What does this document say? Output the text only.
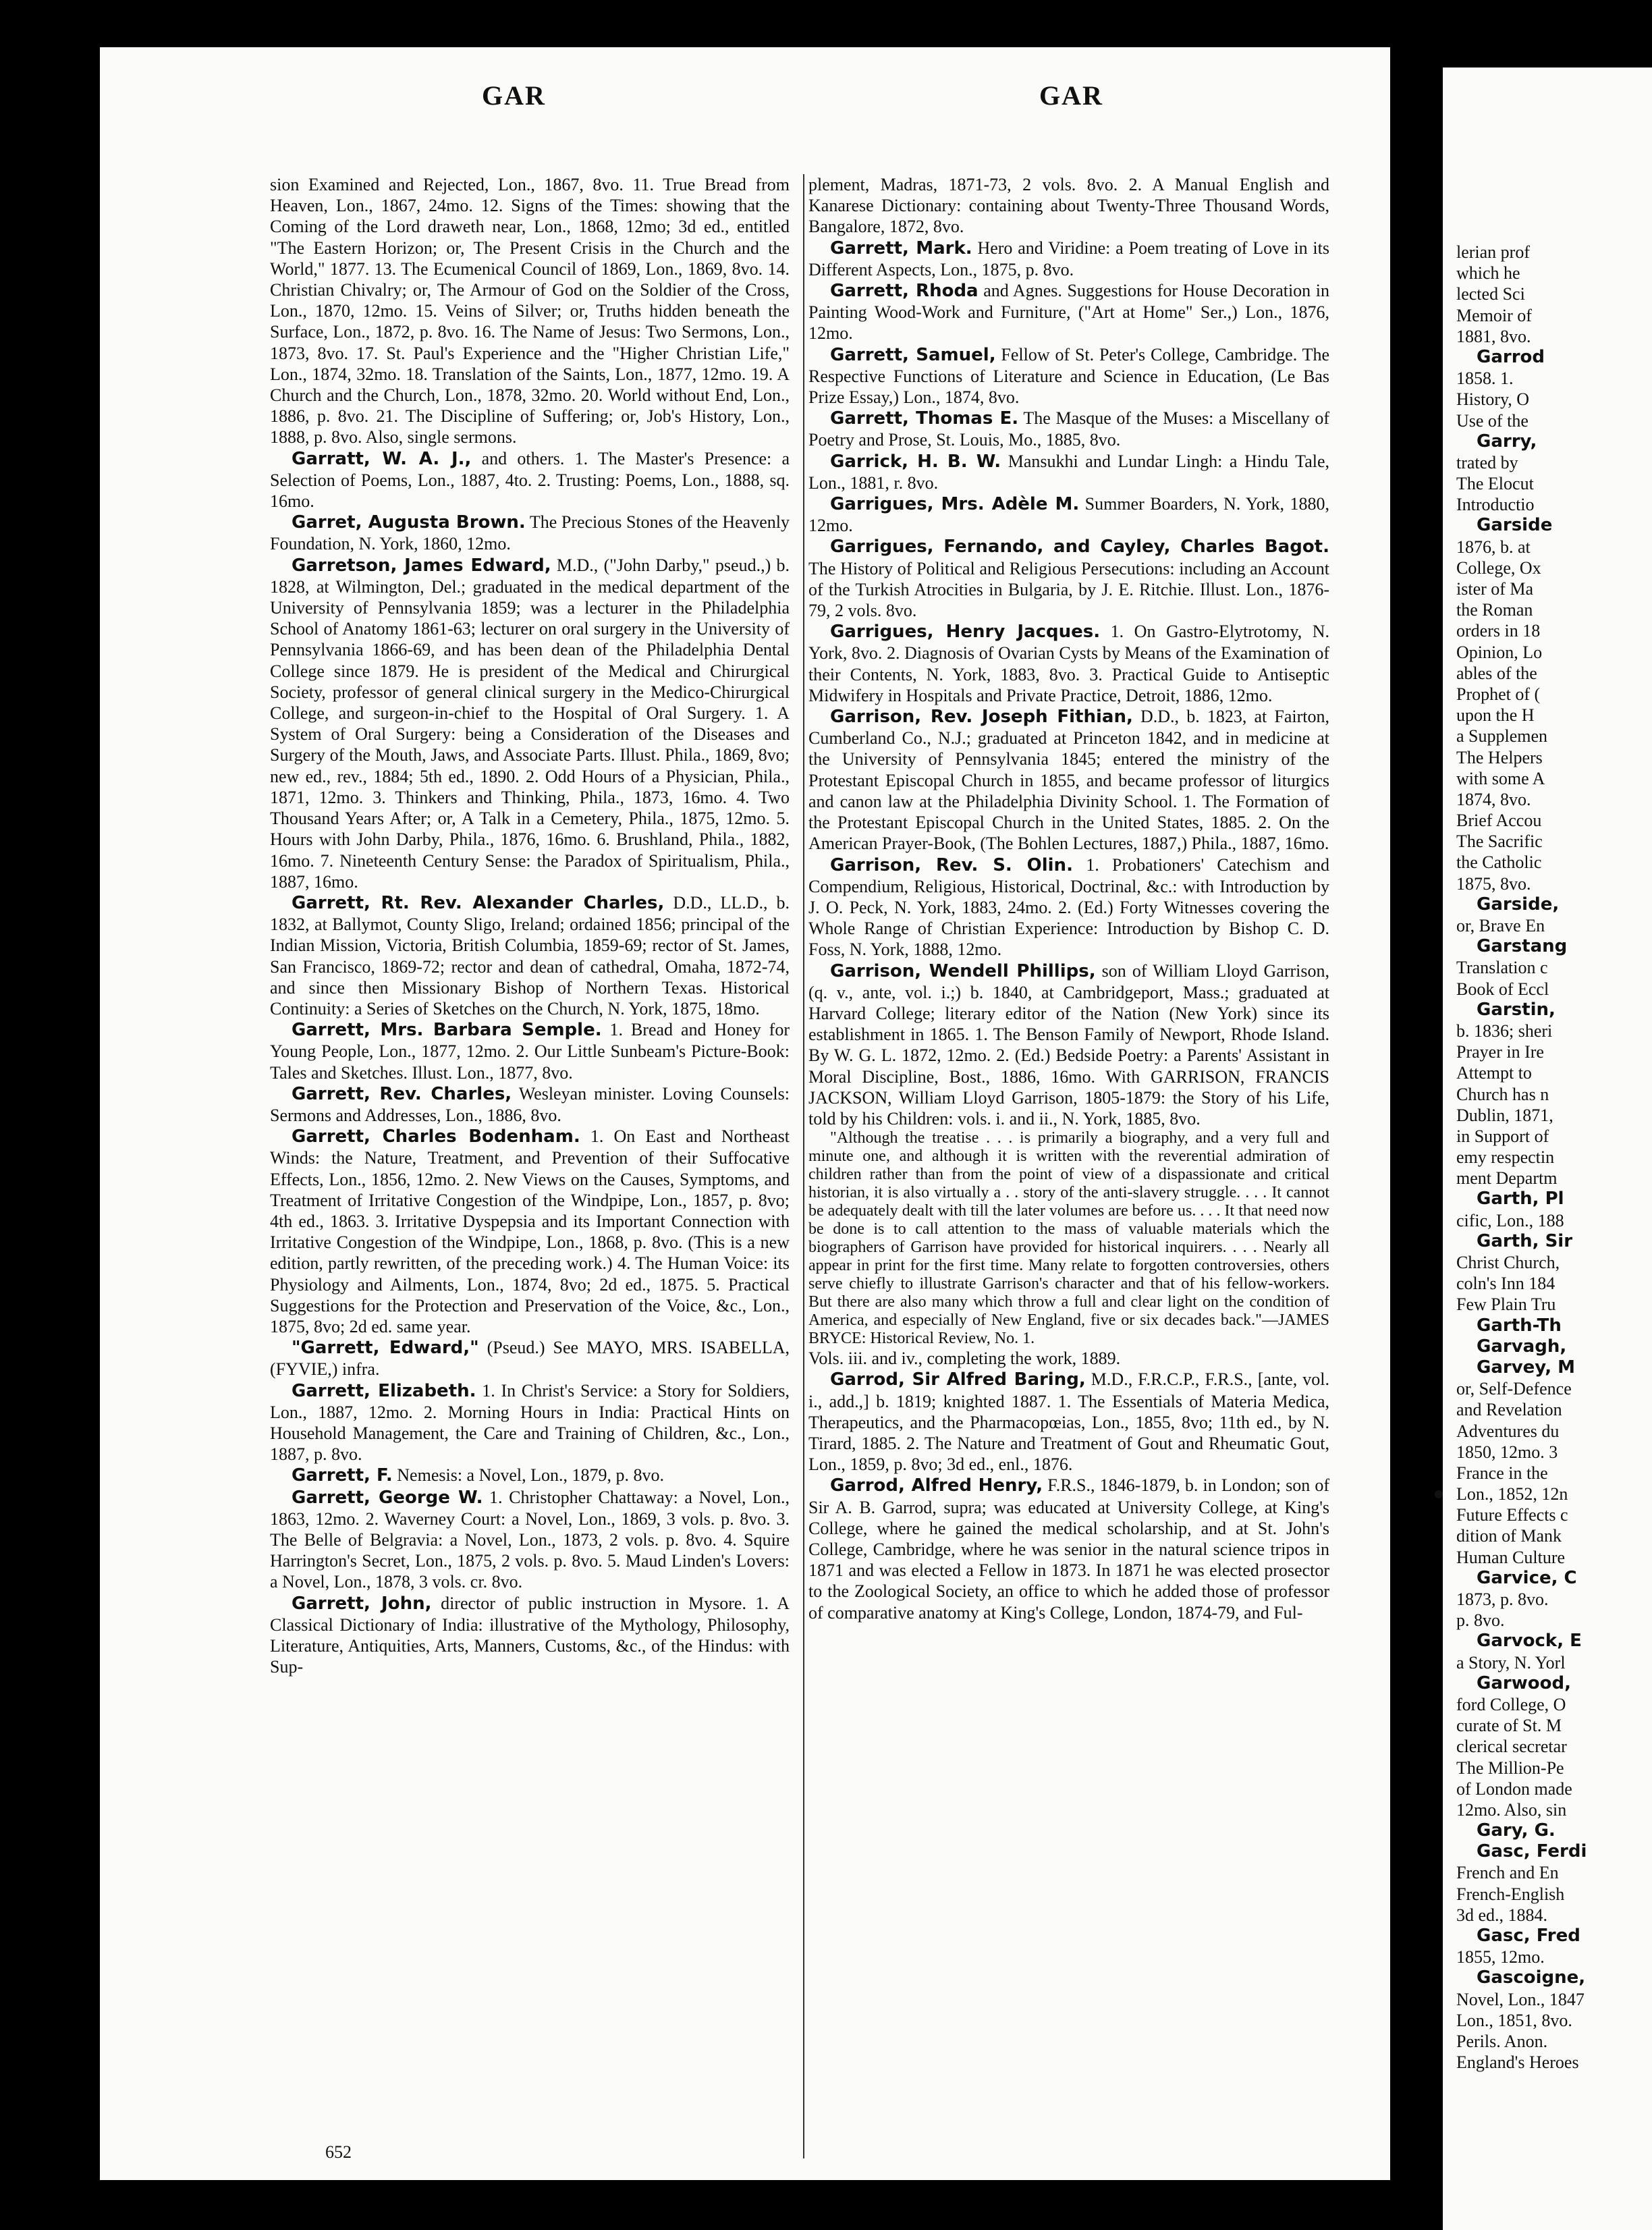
lerian prof
which he
lected Sci
Memoir of
1881, 8vo.
Garrod
1858. 1.
History, O
Use of the
Garry,
trated by
The Elocut
Introductio
Garside
1876, b. at
College, Ox
ister of Ma
the Roman
orders in 18
Opinion, Lo
ables of the
Prophet of (
upon the H
a Supplemen
The Helpers
with some A
1874, 8vo.
Brief Accou
The Sacrific
the Catholic
1875, 8vo.
Garside,
or, Brave En
Garstang
Translation c
Book of Eccl
Garstin,
b. 1836; sheri
Prayer in Ire
Attempt to
Church has n
Dublin, 1871,
in Support of
emy respectin
ment Departm
Garth, Pl
cific, Lon., 188
Garth, Sir
Christ Church,
coln's Inn 184
Few Plain Tru
Garth-Th
Garvagh,
Garvey, M
or, Self-Defence
and Revelation
Adventures du
1850, 12mo. 3
France in the
Lon., 1852, 12n
Future Effects c
dition of Mank
Human Culture
Garvice, C
1873, p. 8vo.
p. 8vo.
Garvock, E
a Story, N. Yorl
Garwood,
ford College, O
curate of St. M
clerical secretar
The Million-Pe
of London made
12mo. Also, sin
Gary, G.
Gasc, Ferdi
French and En
French-English
3d ed., 1884.
Gasc, Fred
1855, 12mo.
Gascoigne,
Novel, Lon., 1847
Lon., 1851, 8vo.
Perils. Anon.
England's Heroes
GAR	GAR

sion Examined and Rejected, Lon., 1867, 8vo. 11. True Bread from Heaven, Lon., 1867, 24mo. 12. Signs of the Times: showing that the Coming of the Lord draweth near, Lon., 1868, 12mo; 3d ed., entitled "The Eastern Horizon; or, The Present Crisis in the Church and the World," 1877. 13. The Ecumenical Council of 1869, Lon., 1869, 8vo. 14. Christian Chivalry; or, The Armour of God on the Soldier of the Cross, Lon., 1870, 12mo. 15. Veins of Silver; or, Truths hidden beneath the Surface, Lon., 1872, p. 8vo. 16. The Name of Jesus: Two Sermons, Lon., 1873, 8vo. 17. St. Paul's Experience and the "Higher Christian Life," Lon., 1874, 32mo. 18. Translation of the Saints, Lon., 1877, 12mo. 19. A Church and the Church, Lon., 1878, 32mo. 20. World without End, Lon., 1886, p. 8vo. 21. The Discipline of Suffering; or, Job's History, Lon., 1888, p. 8vo. Also, single sermons.

Garratt, W. A. J., and others. 1. The Master's Presence: a Selection of Poems, Lon., 1887, 4to. 2. Trusting: Poems, Lon., 1888, sq. 16mo.

Garret, Augusta Brown. The Precious Stones of the Heavenly Foundation, N. York, 1860, 12mo.

Garretson, James Edward, M.D., ("John Darby," pseud.,) b. 1828, at Wilmington, Del.; graduated in the medical department of the University of Pennsylvania 1859; was a lecturer in the Philadelphia School of Anatomy 1861-63; lecturer on oral surgery in the University of Pennsylvania 1866-69, and has been dean of the Philadelphia Dental College since 1879. He is president of the Medical and Chirurgical Society, professor of general clinical surgery in the Medico-Chirurgical College, and surgeon-in-chief to the Hospital of Oral Surgery. 1. A System of Oral Surgery: being a Consideration of the Diseases and Surgery of the Mouth, Jaws, and Associate Parts. Illust. Phila., 1869, 8vo; new ed., rev., 1884; 5th ed., 1890. 2. Odd Hours of a Physician, Phila., 1871, 12mo. 3. Thinkers and Thinking, Phila., 1873, 16mo. 4. Two Thousand Years After; or, A Talk in a Cemetery, Phila., 1875, 12mo. 5. Hours with John Darby, Phila., 1876, 16mo. 6. Brushland, Phila., 1882, 16mo. 7. Nineteenth Century Sense: the Paradox of Spiritualism, Phila., 1887, 16mo.

Garrett, Rt. Rev. Alexander Charles, D.D., LL.D., b. 1832, at Ballymot, County Sligo, Ireland; ordained 1856; principal of the Indian Mission, Victoria, British Columbia, 1859-69; rector of St. James, San Francisco, 1869-72; rector and dean of cathedral, Omaha, 1872-74, and since then Missionary Bishop of Northern Texas. Historical Continuity: a Series of Sketches on the Church, N. York, 1875, 18mo.

Garrett, Mrs. Barbara Semple. 1. Bread and Honey for Young People, Lon., 1877, 12mo. 2. Our Little Sunbeam's Picture-Book: Tales and Sketches. Illust. Lon., 1877, 8vo.

Garrett, Rev. Charles, Wesleyan minister. Loving Counsels: Sermons and Addresses, Lon., 1886, 8vo.

Garrett, Charles Bodenham. 1. On East and Northeast Winds: the Nature, Treatment, and Prevention of their Suffocative Effects, Lon., 1856, 12mo. 2. New Views on the Causes, Symptoms, and Treatment of Irritative Congestion of the Windpipe, Lon., 1857, p. 8vo; 4th ed., 1863. 3. Irritative Dyspepsia and its Important Connection with Irritative Congestion of the Windpipe, Lon., 1868, p. 8vo. (This is a new edition, partly rewritten, of the preceding work.) 4. The Human Voice: its Physiology and Ailments, Lon., 1874, 8vo; 2d ed., 1875. 5. Practical Suggestions for the Protection and Preservation of the Voice, &c., Lon., 1875, 8vo; 2d ed. same year.

"Garrett, Edward," (Pseud.) See MAYO, MRS. ISABELLA, (FYVIE,) infra.

Garrett, Elizabeth. 1. In Christ's Service: a Story for Soldiers, Lon., 1887, 12mo. 2. Morning Hours in India: Practical Hints on Household Management, the Care and Training of Children, &c., Lon., 1887, p. 8vo.

Garrett, F. Nemesis: a Novel, Lon., 1879, p. 8vo.

Garrett, George W. 1. Christopher Chattaway: a Novel, Lon., 1863, 12mo. 2. Waverney Court: a Novel, Lon., 1869, 3 vols. p. 8vo. 3. The Belle of Belgravia: a Novel, Lon., 1873, 2 vols. p. 8vo. 4. Squire Harrington's Secret, Lon., 1875, 2 vols. p. 8vo. 5. Maud Linden's Lovers: a Novel, Lon., 1878, 3 vols. cr. 8vo.

Garrett, John, director of public instruction in Mysore. 1. A Classical Dictionary of India: illustrative of the Mythology, Philosophy, Literature, Antiquities, Arts, Manners, Customs, &c., of the Hindus: with Sup-

plement, Madras, 1871-73, 2 vols. 8vo. 2. A Manual English and Kanarese Dictionary: containing about Twenty-Three Thousand Words, Bangalore, 1872, 8vo.

Garrett, Mark. Hero and Viridine: a Poem treating of Love in its Different Aspects, Lon., 1875, p. 8vo.

Garrett, Rhoda and Agnes. Suggestions for House Decoration in Painting Wood-Work and Furniture, ("Art at Home" Ser.,) Lon., 1876, 12mo.

Garrett, Samuel, Fellow of St. Peter's College, Cambridge. The Respective Functions of Literature and Science in Education, (Le Bas Prize Essay,) Lon., 1874, 8vo.

Garrett, Thomas E. The Masque of the Muses: a Miscellany of Poetry and Prose, St. Louis, Mo., 1885, 8vo.

Garrick, H. B. W. Mansukhi and Lundar Lingh: a Hindu Tale, Lon., 1881, r. 8vo.

Garrigues, Mrs. Adèle M. Summer Boarders, N. York, 1880, 12mo.

Garrigues, Fernando, and Cayley, Charles Bagot. The History of Political and Religious Persecutions: including an Account of the Turkish Atrocities in Bulgaria, by J. E. Ritchie. Illust. Lon., 1876-79, 2 vols. 8vo.

Garrigues, Henry Jacques. 1. On Gastro-Elytrotomy, N. York, 8vo. 2. Diagnosis of Ovarian Cysts by Means of the Examination of their Contents, N. York, 1883, 8vo. 3. Practical Guide to Antiseptic Midwifery in Hospitals and Private Practice, Detroit, 1886, 12mo.

Garrison, Rev. Joseph Fithian, D.D., b. 1823, at Fairton, Cumberland Co., N.J.; graduated at Princeton 1842, and in medicine at the University of Pennsylvania 1845; entered the ministry of the Protestant Episcopal Church in 1855, and became professor of liturgics and canon law at the Philadelphia Divinity School. 1. The Formation of the Protestant Episcopal Church in the United States, 1885. 2. On the American Prayer-Book, (The Bohlen Lectures, 1887,) Phila., 1887, 16mo.

Garrison, Rev. S. Olin. 1. Probationers' Catechism and Compendium, Religious, Historical, Doctrinal, &c.: with Introduction by J. O. Peck, N. York, 1883, 24mo. 2. (Ed.) Forty Witnesses covering the Whole Range of Christian Experience: Introduction by Bishop C. D. Foss, N. York, 1888, 12mo.

Garrison, Wendell Phillips, son of William Lloyd Garrison, (q. v., ante, vol. i.;) b. 1840, at Cambridgeport, Mass.; graduated at Harvard College; literary editor of the Nation (New York) since its establishment in 1865. 1. The Benson Family of Newport, Rhode Island. By W. G. L. 1872, 12mo. 2. (Ed.) Bedside Poetry: a Parents' Assistant in Moral Discipline, Bost., 1886, 16mo. With GARRISON, FRANCIS JACKSON, William Lloyd Garrison, 1805-1879: the Story of his Life, told by his Children: vols. i. and ii., N. York, 1885, 8vo.

"Although the treatise . . . is primarily a biography, and a very full and minute one, and although it is written with the reverential admiration of children rather than from the point of view of a dispassionate and critical historian, it is also virtually a . . story of the anti-slavery struggle. . . . It cannot be adequately dealt with till the later volumes are before us. . . . It that need now be done is to call attention to the mass of valuable materials which the biographers of Garrison have provided for historical inquirers. . . . Nearly all appear in print for the first time. Many relate to forgotten controversies, others serve chiefly to illustrate Garrison's character and that of his fellow-workers. But there are also many which throw a full and clear light on the condition of America, and especially of New England, five or six decades back."—JAMES BRYCE: Historical Review, No. 1.

Vols. iii. and iv., completing the work, 1889.

Garrod, Sir Alfred Baring, M.D., F.R.C.P., F.R.S., [ante, vol. i., add.,] b. 1819; knighted 1887. 1. The Essentials of Materia Medica, Therapeutics, and the Pharmacopœias, Lon., 1855, 8vo; 11th ed., by N. Tirard, 1885. 2. The Nature and Treatment of Gout and Rheumatic Gout, Lon., 1859, p. 8vo; 3d ed., enl., 1876.

Garrod, Alfred Henry, F.R.S., 1846-1879, b. in London; son of Sir A. B. Garrod, supra; was educated at University College, at King's College, where he gained the medical scholarship, and at St. John's College, Cambridge, where he was senior in the natural science tripos in 1871 and was elected a Fellow in 1873. In 1871 he was elected prosector to the Zoological Society, an office to which he added those of professor of comparative anatomy at King's College, London, 1874-79, and Ful-

652
